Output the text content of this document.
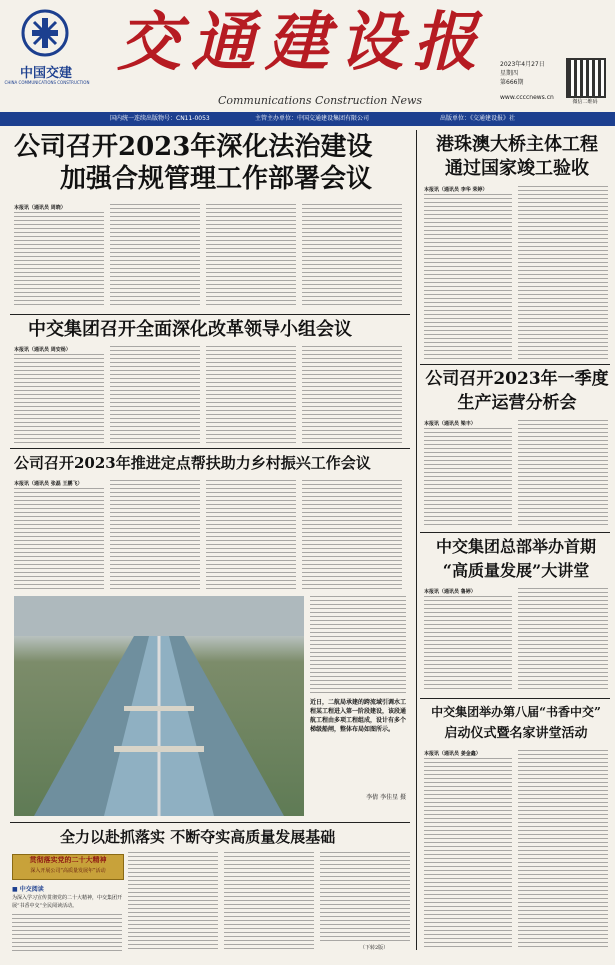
中国交建
CHINA COMMUNICATIONS CONSTRUCTION
交通建设报
Communications Construction News
2023年4月27日
星期四
第666期
www.ccccnews.cn
微信二维码
国内统一连续出版物号：CN11-0053	主管主办单位：中国交通建设集团有限公司	出版单位：《交通建设报》社
公司召开2023年深化法治建设
加强合规管理工作部署会议
本报讯（通讯员 周晓）
港珠澳大桥主体工程
通过国家竣工验收
本报讯（通讯员 李华 荣婷）
中交集团召开全面深化改革领导小组会议
本报讯（通讯员 周安杨）
公司召开2023年一季度
生产运营分析会
本报讯（通讯员 梁丰）
公司召开2023年推进定点帮扶助力乡村振兴工作会议
本报讯（通讯员 张磊 王鹏飞）
近日，二航局承建的跨流域引调水工程某工程进入第一阶段建设，该段通航工程由多项工程组成，设计有多个梯级船闸，整体布局如图所示。
李倩 李佳星 摄
中交集团总部举办首期
“高质量发展”大讲堂
本报讯（通讯员 鲁婷）
中交集团举办第八届“书香中交”
启动仪式暨名家讲堂活动
本报讯（通讯员 姜金鑫）
全力以赴抓落实 不断夺实高质量发展基础
贯彻落实党的二十大精神
深入开展公司“高质量发展年”活动
■ 中交阅读
为深入学习宣传贯彻党的二十大精神，中交集团开展“书香中交”全民阅读活动。
（下转2版）
